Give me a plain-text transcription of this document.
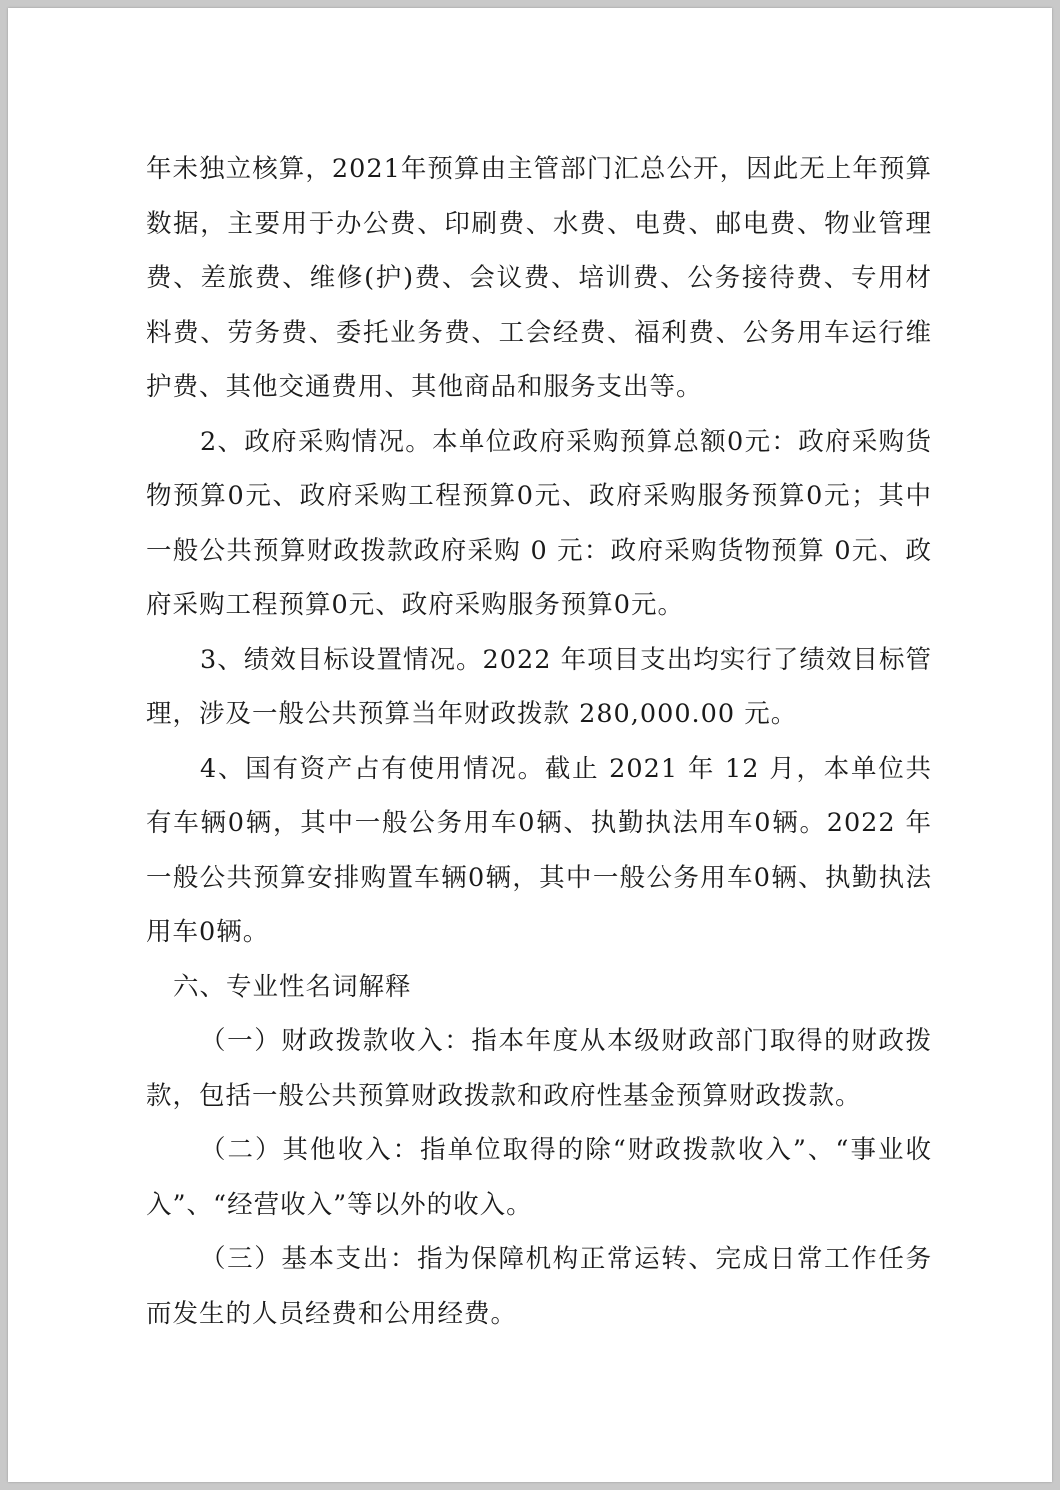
年未独立核算，2021年预算由主管部门汇总公开，因此无上年预算数据，主要用于办公费、印刷费、水费、电费、邮电费、物业管理费、差旅费、维修(护)费、会议费、培训费、公务接待费、专用材料费、劳务费、委托业务费、工会经费、福利费、公务用车运行维护费、其他交通费用、其他商品和服务支出等。

2、政府采购情况。本单位政府采购预算总额0元：政府采购货物预算0元、政府采购工程预算0元、政府采购服务预算0元；其中一般公共预算财政拨款政府采购 0 元：政府采购货物预算 0元、政府采购工程预算0元、政府采购服务预算0元。

3、绩效目标设置情况。2022 年项目支出均实行了绩效目标管理，涉及一般公共预算当年财政拨款 280,000.00 元。

4、国有资产占有使用情况。截止 2021 年 12 月，本单位共有车辆0辆，其中一般公务用车0辆、执勤执法用车0辆。2022 年一般公共预算安排购置车辆0辆，其中一般公务用车0辆、执勤执法用车0辆。

六、专业性名词解释

（一）财政拨款收入：指本年度从本级财政部门取得的财政拨款，包括一般公共预算财政拨款和政府性基金预算财政拨款。

（二）其他收入：指单位取得的除“财政拨款收入”、“事业收入”、“经营收入”等以外的收入。

（三）基本支出：指为保障机构正常运转、完成日常工作任务而发生的人员经费和公用经费。
